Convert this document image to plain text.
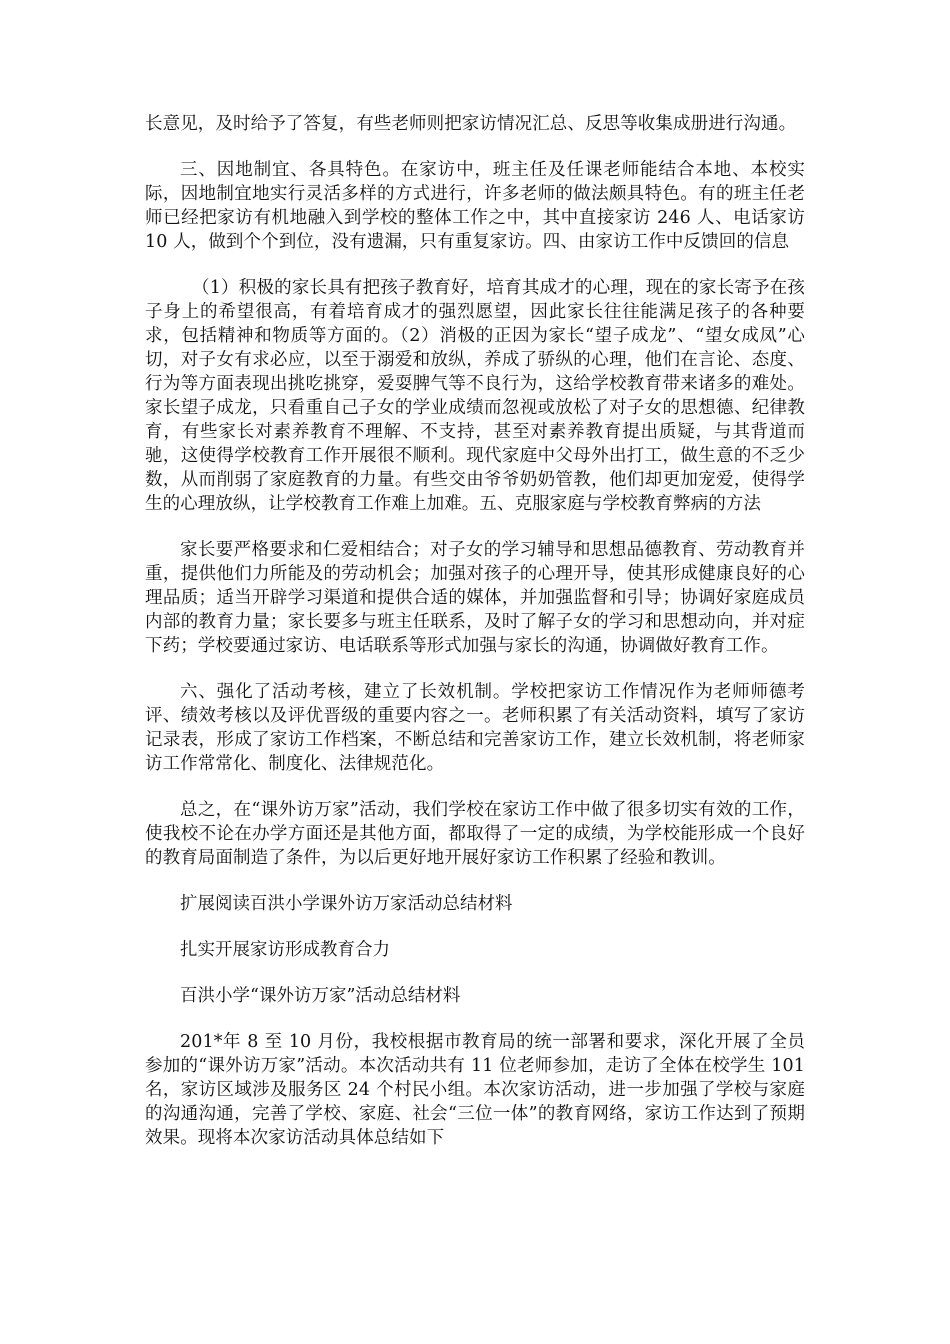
长意见，及时给予了答复，有些老师则把家访情况汇总、反思等收集成册进行沟通。

三、因地制宜、各具特色。在家访中，班主任及任课老师能结合本地、本校实际，因地制宜地实行灵活多样的方式进行，许多老师的做法颇具特色。有的班主任老师已经把家访有机地融入到学校的整体工作之中，其中直接家访 246 人、电话家访 10 人，做到个个到位，没有遗漏，只有重复家访。四、由家访工作中反馈回的信息

（1）积极的家长具有把孩子教育好，培育其成才的心理，现在的家长寄予在孩子身上的希望很高，有着培育成才的强烈愿望，因此家长往往能满足孩子的各种要求，包括精神和物质等方面的。（2）消极的正因为家长“望子成龙”、“望女成凤”心切，对子女有求必应，以至于溺爱和放纵，养成了骄纵的心理，他们在言论、态度、行为等方面表现出挑吃挑穿，爱耍脾气等不良行为，这给学校教育带来诸多的难处。家长望子成龙，只看重自己子女的学业成绩而忽视或放松了对子女的思想德、纪律教育，有些家长对素养教育不理解、不支持，甚至对素养教育提出质疑，与其背道而驰，这使得学校教育工作开展很不顺利。现代家庭中父母外出打工，做生意的不乏少数，从而削弱了家庭教育的力量。有些交由爷爷奶奶管教，他们却更加宠爱，使得学生的心理放纵，让学校教育工作难上加难。五、克服家庭与学校教育弊病的方法

家长要严格要求和仁爱相结合；对子女的学习辅导和思想品德教育、劳动教育并重，提供他们力所能及的劳动机会；加强对孩子的心理开导，使其形成健康良好的心理品质；适当开辟学习渠道和提供合适的媒体，并加强监督和引导；协调好家庭成员内部的教育力量；家长要多与班主任联系，及时了解子女的学习和思想动向，并对症下药；学校要通过家访、电话联系等形式加强与家长的沟通，协调做好教育工作。

六、强化了活动考核，建立了长效机制。学校把家访工作情况作为老师师德考评、绩效考核以及评优晋级的重要内容之一。老师积累了有关活动资料，填写了家访记录表，形成了家访工作档案，不断总结和完善家访工作，建立长效机制，将老师家访工作常常化、制度化、法律规范化。

总之，在“课外访万家”活动，我们学校在家访工作中做了很多切实有效的工作，使我校不论在办学方面还是其他方面，都取得了一定的成绩，为学校能形成一个良好的教育局面制造了条件，为以后更好地开展好家访工作积累了经验和教训。

扩展阅读百洪小学课外访万家活动总结材料

扎实开展家访形成教育合力

百洪小学“课外访万家”活动总结材料

201*年 8 至 10 月份，我校根据市教育局的统一部署和要求，深化开展了全员参加的“课外访万家”活动。本次活动共有 11 位老师参加，走访了全体在校学生 101 名，家访区域涉及服务区 24 个村民小组。本次家访活动，进一步加强了学校与家庭的沟通沟通，完善了学校、家庭、社会“三位一体”的教育网络，家访工作达到了预期效果。现将本次家访活动具体总结如下
